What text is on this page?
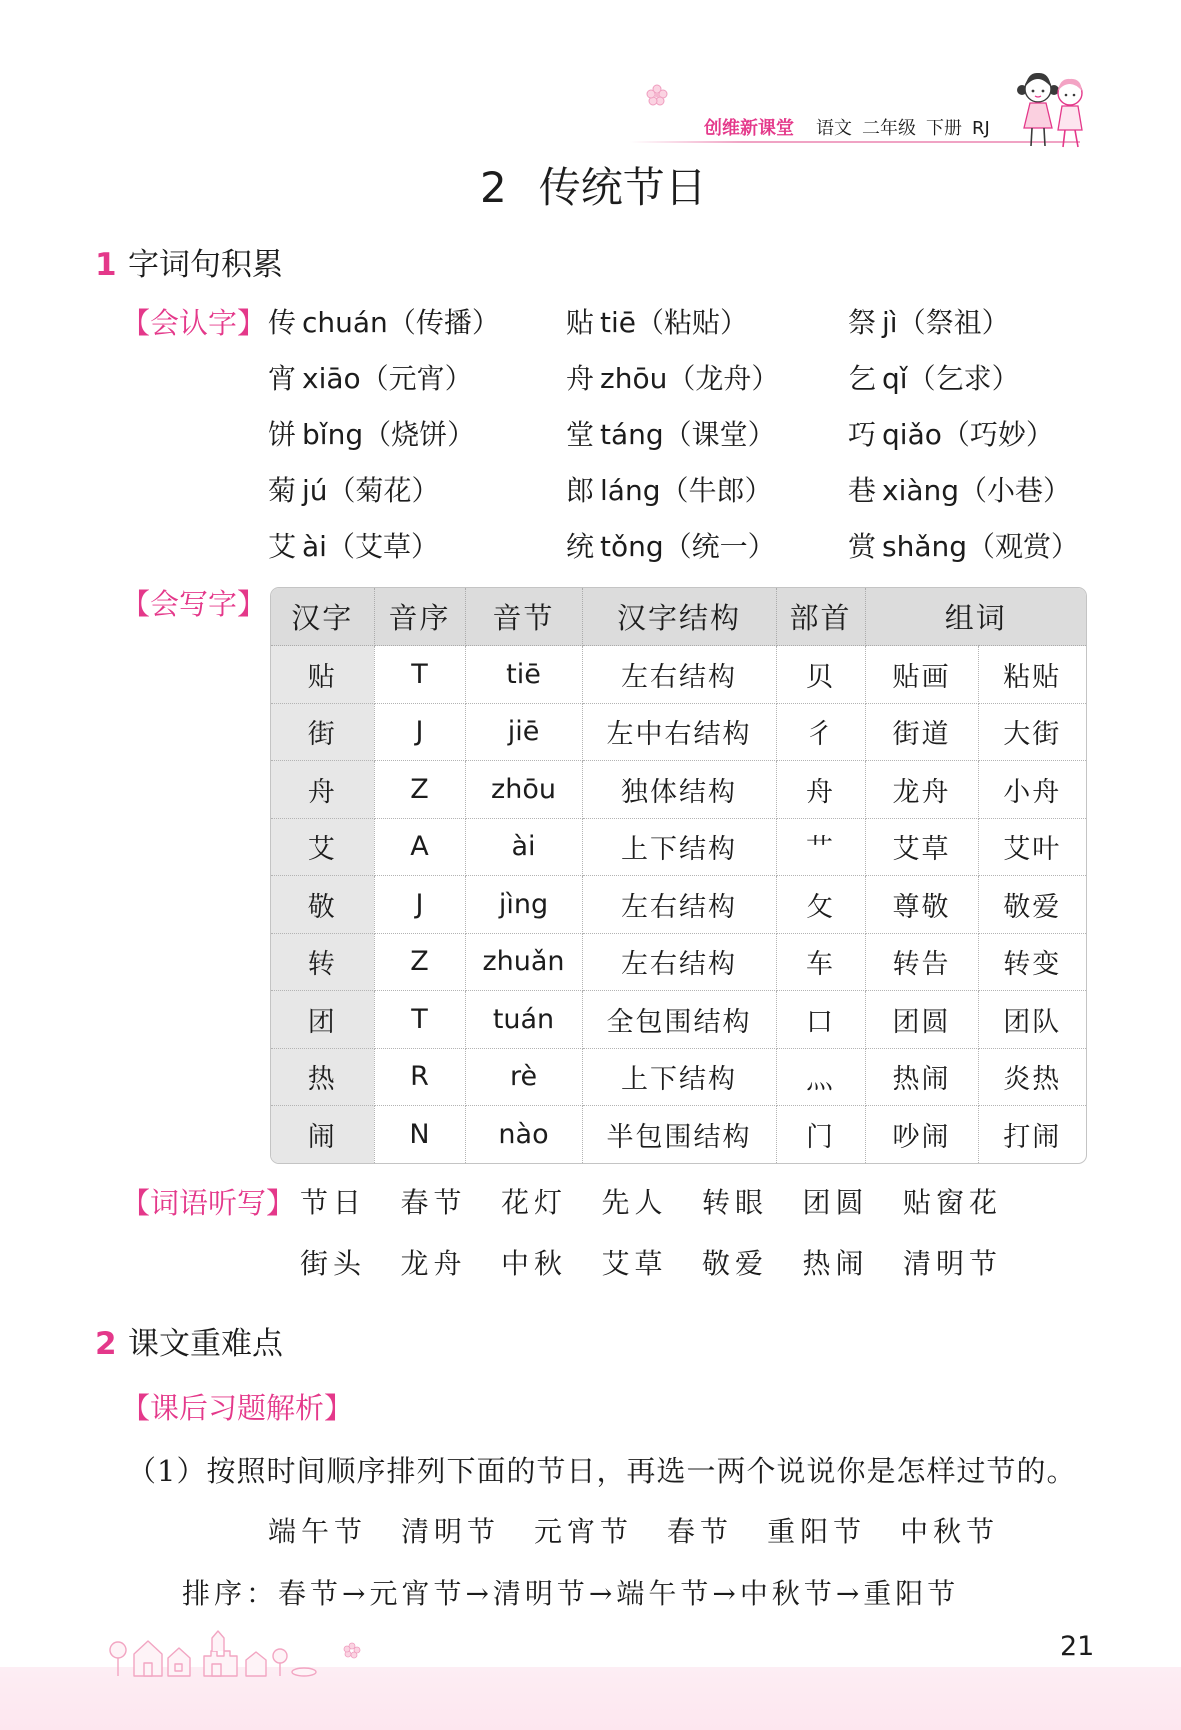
创维新课堂 语文 二年级 下册 RJ
2 传统节日
1 字词句积累
【会认字】 传 chuán（传播）	贴 tiē（粘贴）	祭 jì（祭祖）
宵 xiāo（元宵）	舟 zhōu（龙舟）	乞 qǐ（乞求）
饼 bǐng（烧饼）	堂 táng（课堂）	巧 qiǎo（巧妙）
菊 jú（菊花）	郎 láng（牛郎）	巷 xiàng（小巷）
艾 ài（艾草）	统 tǒng（统一）	赏 shǎng（观赏）
【会写字】 汉字	音序	音节	汉字结构	部首	组词	
贴	T	tiē	左右结构	贝	贴画	粘贴
街	J	jiē	左中右结构	彳	街道	大街
舟	Z	zhōu	独体结构	舟	龙舟	小舟
艾	A	ài	上下结构	艹	艾草	艾叶
敬	J	jìng	左右结构	攵	尊敬	敬爱
转	Z	zhuǎn	左右结构	车	转告	转变
团	T	tuán	全包围结构	口	团圆	团队
热	R	rè	上下结构	灬	热闹	炎热
闹	N	nào	半包围结构	门	吵闹	打闹
【词语听写】 节日	春节	花灯	先人	转眼	团圆	贴窗花
街头	龙舟	中秋	艾草	敬爱	热闹	清明节
2 课文重难点
【课后习题解析】
（1）按照时间顺序排列下面的节日，再选一两个说说你是怎样过节的。
端午节 清明节 元宵节 春节 重阳节 中秋节
排序：春节→元宵节→清明节→端午节→中秋节→重阳节
21
